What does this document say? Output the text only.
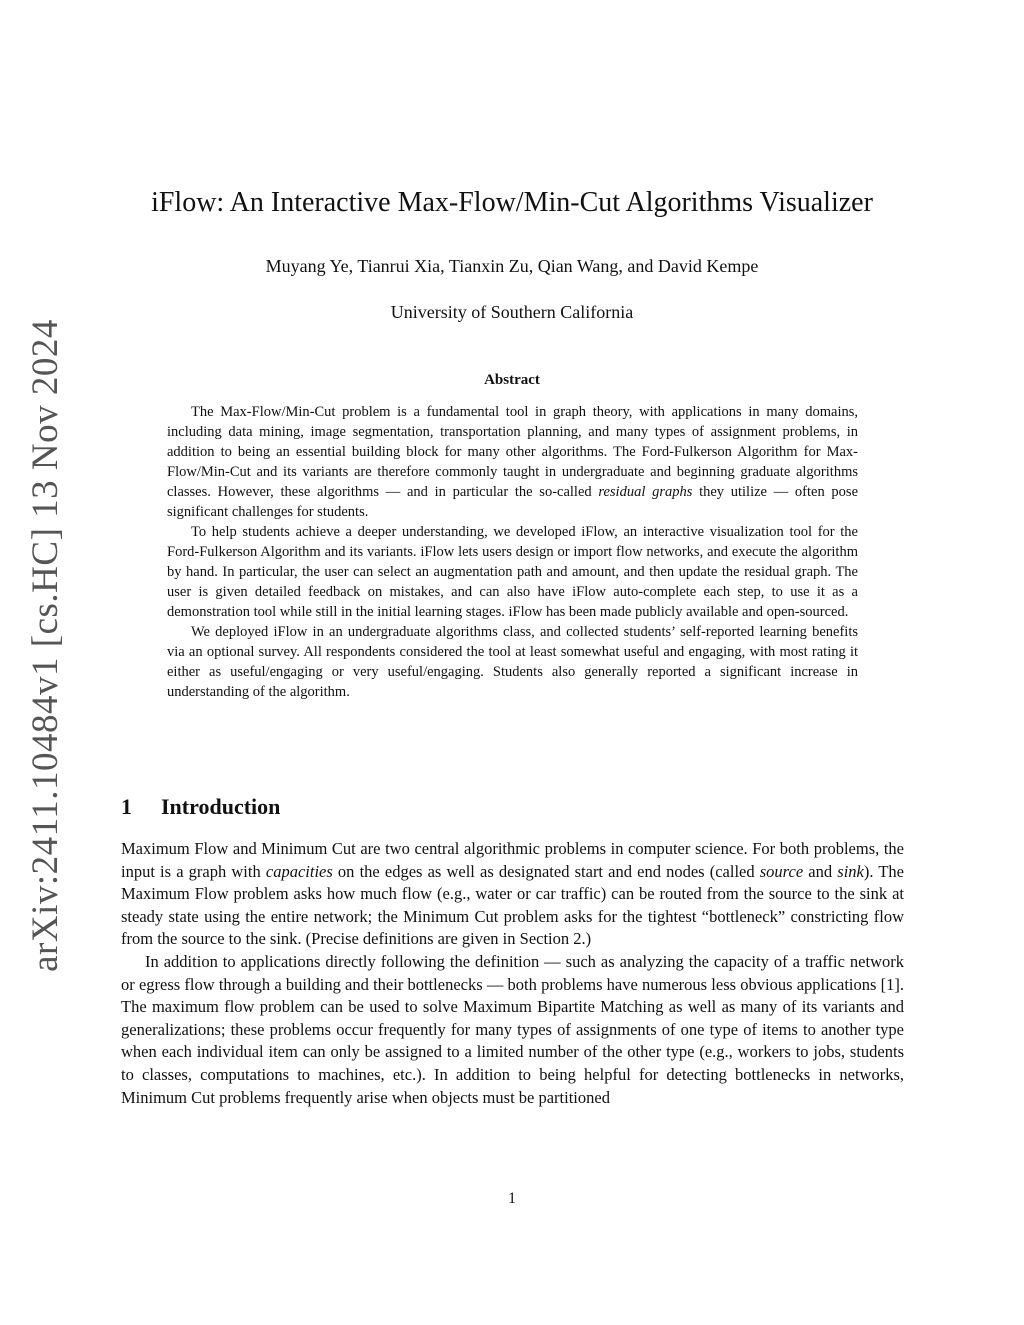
arXiv:2411.10484v1 [cs.HC] 13 Nov 2024
iFlow: An Interactive Max-Flow/Min-Cut Algorithms Visualizer
Muyang Ye, Tianrui Xia, Tianxin Zu, Qian Wang, and David Kempe
University of Southern California
Abstract

The Max-Flow/Min-Cut problem is a fundamental tool in graph theory, with applications in many domains, including data mining, image segmentation, transportation planning, and many types of assignment problems, in addition to being an essential building block for many other algorithms. The Ford-Fulkerson Algorithm for Max-Flow/Min-Cut and its variants are therefore commonly taught in undergraduate and beginning graduate algorithms classes. However, these algorithms — and in particular the so-called residual graphs they utilize — often pose significant challenges for students.

To help students achieve a deeper understanding, we developed iFlow, an interactive visualization tool for the Ford-Fulkerson Algorithm and its variants. iFlow lets users design or import flow networks, and execute the algorithm by hand. In particular, the user can select an augmentation path and amount, and then update the residual graph. The user is given detailed feedback on mistakes, and can also have iFlow auto-complete each step, to use it as a demonstration tool while still in the initial learning stages. iFlow has been made publicly available and open-sourced.

We deployed iFlow in an undergraduate algorithms class, and collected students’ self-reported learning benefits via an optional survey. All respondents considered the tool at least somewhat useful and engaging, with most rating it either as useful/engaging or very useful/engaging. Students also generally reported a significant increase in understanding of the algorithm.

1 Introduction

Maximum Flow and Minimum Cut are two central algorithmic problems in computer science. For both problems, the input is a graph with capacities on the edges as well as designated start and end nodes (called source and sink). The Maximum Flow problem asks how much flow (e.g., water or car traffic) can be routed from the source to the sink at steady state using the entire network; the Minimum Cut problem asks for the tightest “bottleneck” constricting flow from the source to the sink. (Precise definitions are given in Section 2.)

In addition to applications directly following the definition — such as analyzing the capacity of a traffic network or egress flow through a building and their bottlenecks — both problems have numerous less obvious applications [1]. The maximum flow problem can be used to solve Maximum Bipartite Matching as well as many of its variants and generalizations; these problems occur frequently for many types of assignments of one type of items to another type when each individual item can only be assigned to a limited number of the other type (e.g., workers to jobs, students to classes, computations to machines, etc.). In addition to being helpful for detecting bottlenecks in networks, Minimum Cut problems frequently arise when objects must be partitioned

1
